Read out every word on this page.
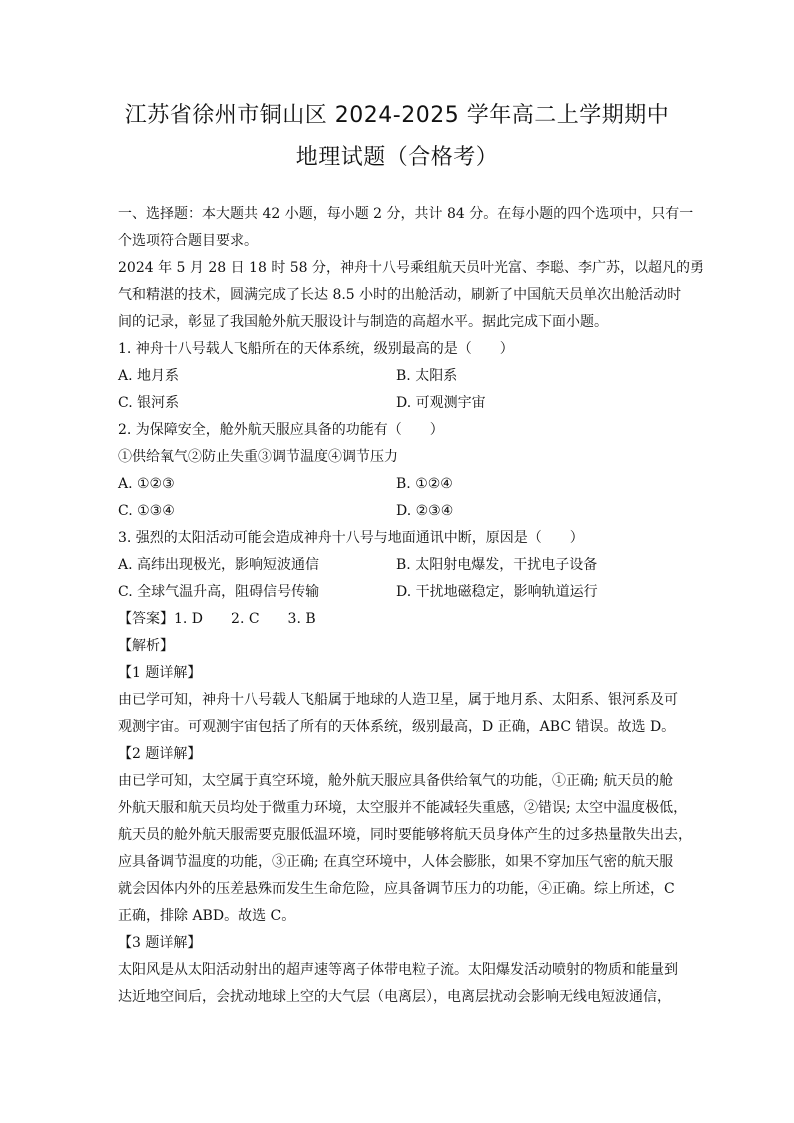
江苏省徐州市铜山区 2024-2025 学年高二上学期期中
地理试题（合格考）
一、选择题：本大题共 42 小题，每小题 2 分，共计 84 分。在每小题的四个选项中，只有一
个选项符合题目要求。
2024 年 5 月 28 日 18 时 58 分，神舟十八号乘组航天员叶光富、李聪、李广苏，以超凡的勇
气和精湛的技术，圆满完成了长达 8.5 小时的出舱活动，刷新了中国航天员单次出舱活动时
间的记录，彰显了我国舱外航天服设计与制造的高超水平。据此完成下面小题。
1. 神舟十八号载人飞船所在的天体系统，级别最高的是（　　）
A. 地月系	B. 太阳系
C. 银河系	D. 可观测宇宙
2. 为保障安全，舱外航天服应具备的功能有（　　）
①供给氧气②防止失重③调节温度④调节压力
A. ①②③	B. ①②④
C. ①③④	D. ②③④
3. 强烈的太阳活动可能会造成神舟十八号与地面通讯中断，原因是（　　）
A. 高纬出现极光，影响短波通信	B. 太阳射电爆发，干扰电子设备
C. 全球气温升高，阻碍信号传输	D. 干扰地磁稳定，影响轨道运行
【答案】1. D　　2. C　　3. B
【解析】
【1 题详解】
由已学可知，神舟十八号载人飞船属于地球的人造卫星，属于地月系、太阳系、银河系及可
观测宇宙。可观测宇宙包括了所有的天体系统，级别最高，D 正确，ABC 错误。故选 D。
【2 题详解】
由已学可知，太空属于真空环境，舱外航天服应具备供给氧气的功能，①正确; 航天员的舱
外航天服和航天员均处于微重力环境，太空服并不能减轻失重感，②错误; 太空中温度极低，
航天员的舱外航天服需要克服低温环境，同时要能够将航天员身体产生的过多热量散失出去，
应具备调节温度的功能，③正确; 在真空环境中，人体会膨胀，如果不穿加压气密的航天服
就会因体内外的压差悬殊而发生生命危险，应具备调节压力的功能，④正确。综上所述，C
正确，排除 ABD。故选 C。
【3 题详解】
太阳风是从太阳活动射出的超声速等离子体带电粒子流。太阳爆发活动喷射的物质和能量到
达近地空间后，会扰动地球上空的大气层（电离层），电离层扰动会影响无线电短波通信，
